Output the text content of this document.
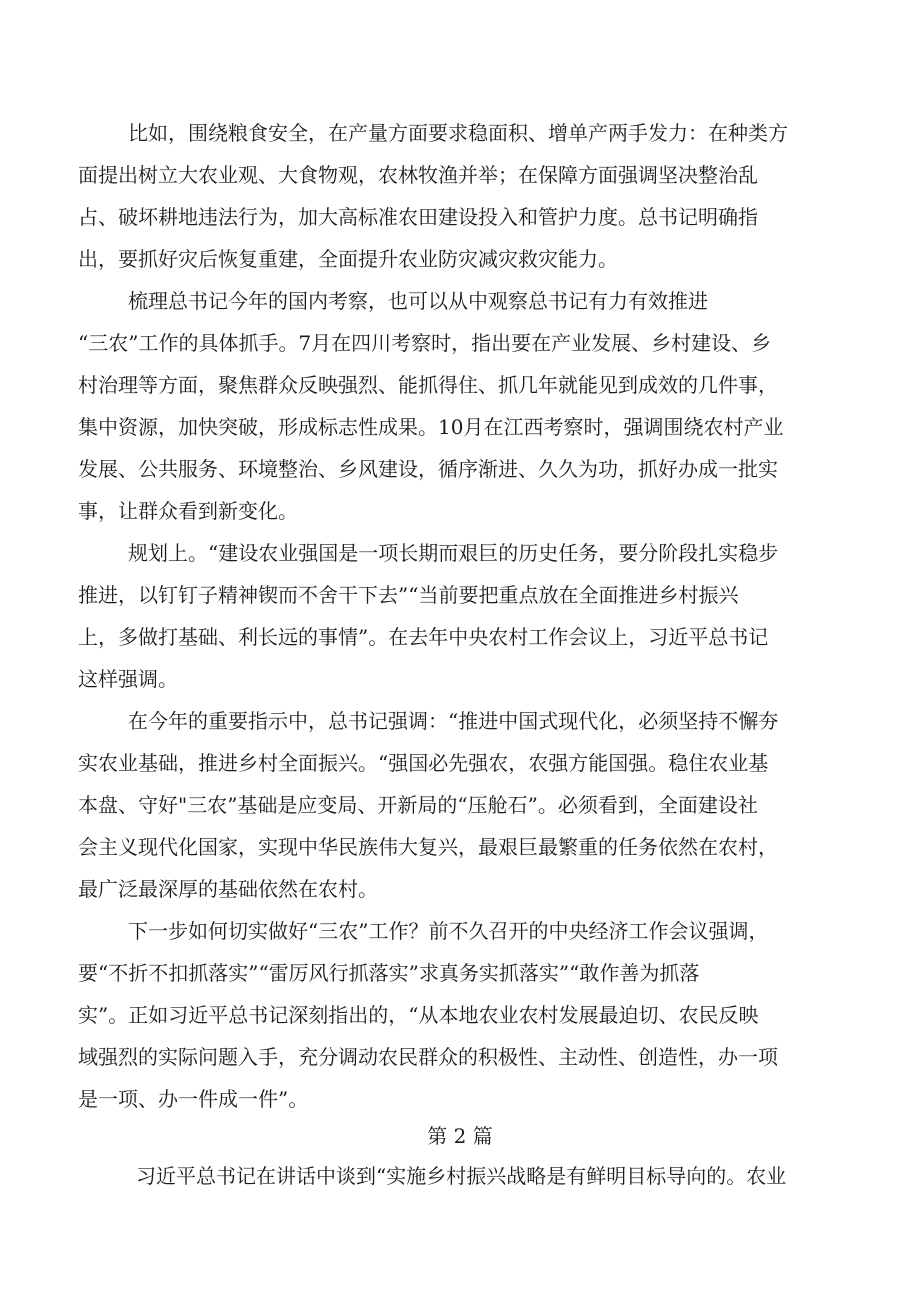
比如，围绕粮食安全，在产量方面要求稳面积、增单产两手发力：在种类方
面提出树立大农业观、大食物观，农林牧渔并举；在保障方面强调坚决整治乱
占、破坏耕地违法行为，加大高标准农田建设投入和管护力度。总书记明确指
出，要抓好灾后恢复重建，全面提升农业防灾减灾救灾能力。
梳理总书记今年的国内考察，也可以从中观察总书记有力有效推进
“三农”工作的具体抓手。7月在四川考察时，指出要在产业发展、乡村建设、乡
村治理等方面，聚焦群众反映强烈、能抓得住、抓几年就能见到成效的几件事，
集中资源，加快突破，形成标志性成果。10月在江西考察时，强调围绕农村产业
发展、公共服务、环境整治、乡风建设，循序渐进、久久为功，抓好办成一批实
事，让群众看到新变化。
规划上。“建设农业强国是一项长期而艰巨的历史任务，要分阶段扎实稳步
推进，以钉钉子精神锲而不舍干下去”“当前要把重点放在全面推进乡村振兴
上，多做打基础、利长远的事情”。在去年中央农村工作会议上，习近平总书记
这样强调。
在今年的重要指示中，总书记强调：“推进中国式现代化，必须坚持不懈夯
实农业基础，推进乡村全面振兴。“强国必先强农，农强方能国强。稳住农业基
本盘、守好"三农”基础是应变局、开新局的“压舱石”。必须看到，全面建设社
会主义现代化国家，实现中华民族伟大复兴，最艰巨最繁重的任务依然在农村，
最广泛最深厚的基础依然在农村。
下一步如何切实做好“三农”工作？前不久召开的中央经济工作会议强调，
要“不折不扣抓落实”“雷厉风行抓落实”求真务实抓落实”“敢作善为抓落
实”。正如习近平总书记深刻指出的，“从本地农业农村发展最迫切、农民反映
域强烈的实际问题入手，充分调动农民群众的积极性、主动性、创造性，办一项
是一项、办一件成一件”。
第 2 篇
习近平总书记在讲话中谈到“实施乡村振兴战略是有鲜明目标导向的。农业
